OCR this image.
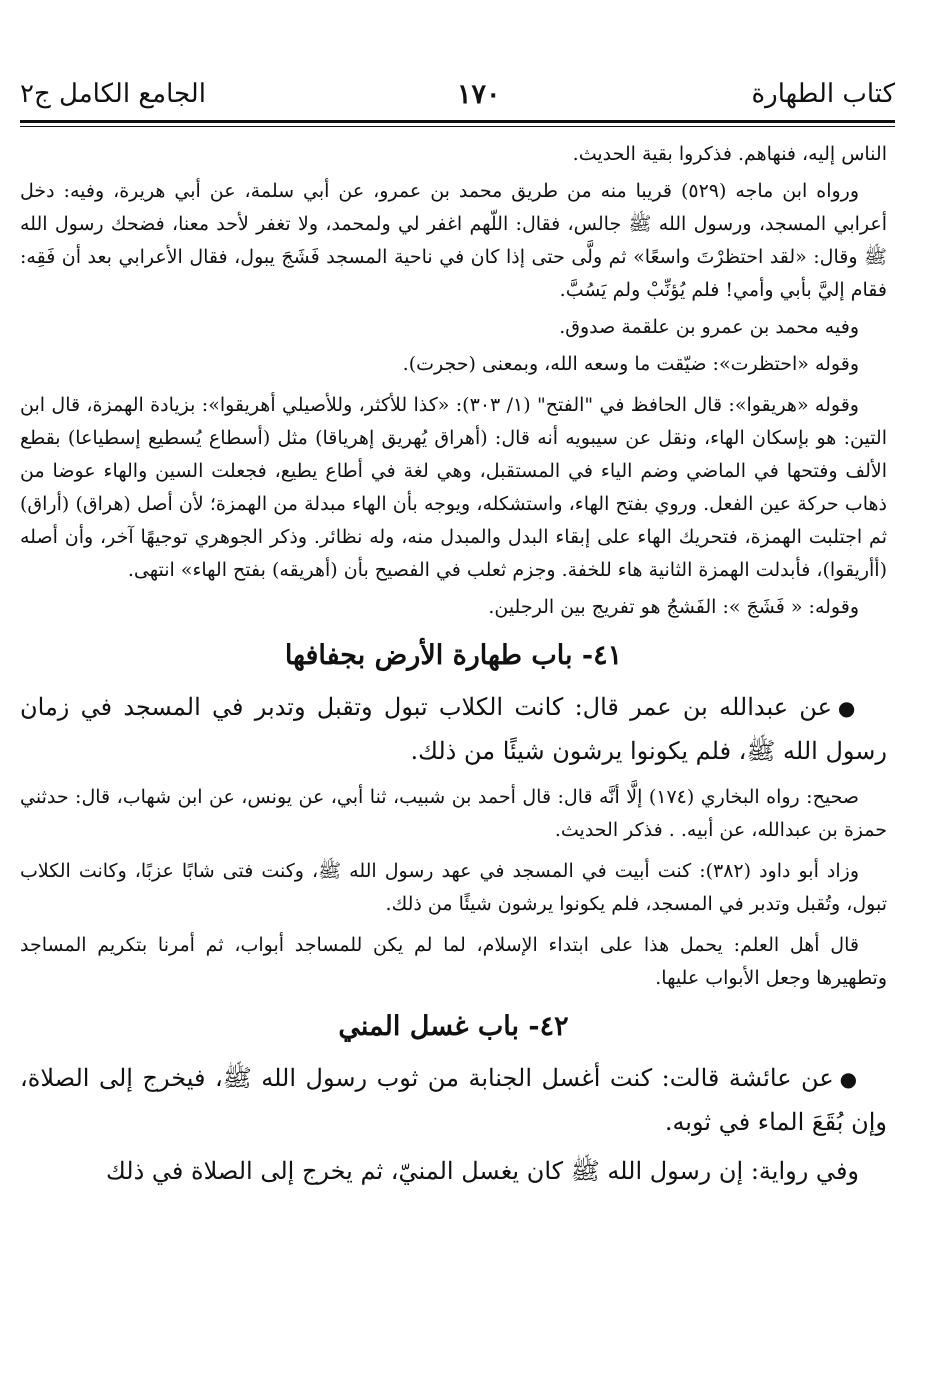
كتاب الطهارة
١٧٠
الجامع الكامل ج٢

الناس إليه، فنهاهم. فذكروا بقية الحديث.

ورواه ابن ماجه (٥٢٩) قريبا منه من طريق محمد بن عمرو، عن أبي سلمة، عن أبي هريرة، وفيه: دخل أعرابي المسجد، ورسول الله ﷺ جالس، فقال: اللّهم اغفر لي ولمحمد، ولا تغفر لأحد معنا، فضحك رسول الله ﷺ وقال: «لقد احتظرْتَ واسعًا» ثم ولَّى حتى إذا كان في ناحية المسجد فَشَجَ يبول، فقال الأعرابي بعد أن فَقِه: فقام إليَّ بأبي وأمي! فلم يُؤنِّبْ ولم يَسُبَّ.

وفيه محمد بن عمرو بن علقمة صدوق.

وقوله «احتظرت»: ضيّقت ما وسعه الله، وبمعنى (حجرت).

وقوله «هريقوا»: قال الحافظ في "الفتح" (١/ ٣٠٣): «كذا للأكثر، وللأصيلي أهريقوا»: بزيادة الهمزة، قال ابن التين: هو بإسكان الهاء، ونقل عن سيبويه أنه قال: (أهراق يُهريق إهرياقا) مثل (أسطاع يُسطيع إسطياعا) بقطع الألف وفتحها في الماضي وضم الياء في المستقبل، وهي لغة في أطاع يطيع، فجعلت السين والهاء عوضا من ذهاب حركة عين الفعل. وروي بفتح الهاء، واستشكله، ويوجه بأن الهاء مبدلة من الهمزة؛ لأن أصل (هراق) (أراق) ثم اجتلبت الهمزة، فتحريك الهاء على إبقاء البدل والمبدل منه، وله نظائر. وذكر الجوهري توجيهًا آخر، وأن أصله (أأريقوا)، فأبدلت الهمزة الثانية هاء للخفة. وجزم ثعلب في الفصيح بأن (أهريقه) بفتح الهاء» انتهى.

وقوله: « فَشَجَ »: الفَشجُ هو تفريج بين الرجلين.

٤١- باب طهارة الأرض بجفافها

●عن عبدالله بن عمر قال: كانت الكلاب تبول وتقبل وتدبر في المسجد في زمان رسول الله ﷺ، فلم يكونوا يرشون شيئًا من ذلك.

صحيح: رواه البخاري (١٧٤) إلَّا أنَّه قال: قال أحمد بن شبيب، ثنا أبي، عن يونس، عن ابن شهاب، قال: حدثني حمزة بن عبدالله، عن أبيه. . فذكر الحديث.

وزاد أبو داود (٣٨٢): كنت أبيت في المسجد في عهد رسول الله ﷺ، وكنت فتى شابًا عزبًا، وكانت الكلاب تبول، وتُقبل وتدبر في المسجد، فلم يكونوا يرشون شيئًا من ذلك.

قال أهل العلم: يحمل هذا على ابتداء الإسلام، لما لم يكن للمساجد أبواب، ثم أمرنا بتكريم المساجد وتطهيرها وجعل الأبواب عليها.

٤٢- باب غسل المني

●عن عائشة قالت: كنت أغسل الجنابة من ثوب رسول الله ﷺ، فيخرج إلى الصلاة، وإن بُقَعَ الماء في ثوبه.

وفي رواية: إن رسول الله ﷺ كان يغسل المنيّ، ثم يخرج إلى الصلاة في ذلك
